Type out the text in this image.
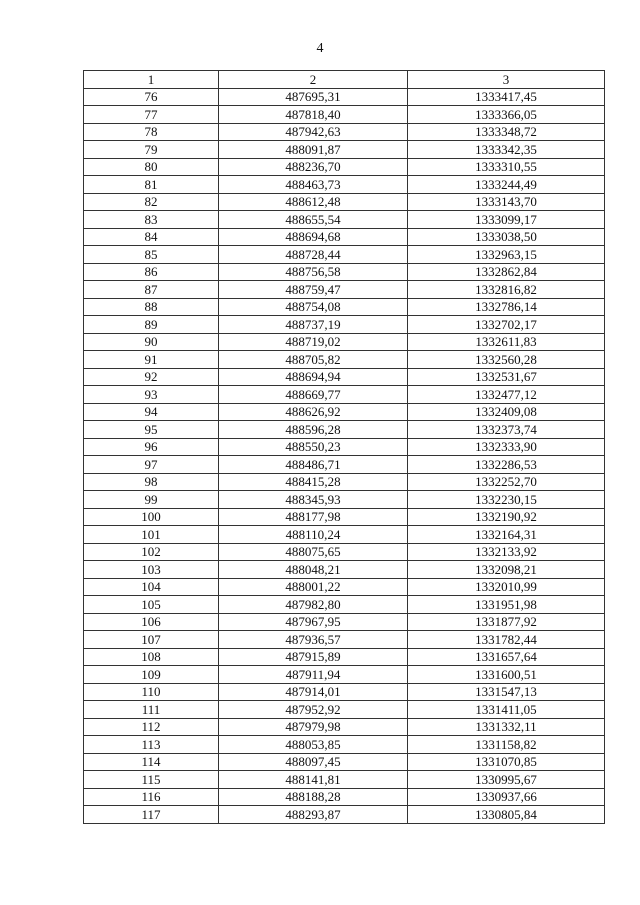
4
1	2	3
76	487695,31	1333417,45
77	487818,40	1333366,05
78	487942,63	1333348,72
79	488091,87	1333342,35
80	488236,70	1333310,55
81	488463,73	1333244,49
82	488612,48	1333143,70
83	488655,54	1333099,17
84	488694,68	1333038,50
85	488728,44	1332963,15
86	488756,58	1332862,84
87	488759,47	1332816,82
88	488754,08	1332786,14
89	488737,19	1332702,17
90	488719,02	1332611,83
91	488705,82	1332560,28
92	488694,94	1332531,67
93	488669,77	1332477,12
94	488626,92	1332409,08
95	488596,28	1332373,74
96	488550,23	1332333,90
97	488486,71	1332286,53
98	488415,28	1332252,70
99	488345,93	1332230,15
100	488177,98	1332190,92
101	488110,24	1332164,31
102	488075,65	1332133,92
103	488048,21	1332098,21
104	488001,22	1332010,99
105	487982,80	1331951,98
106	487967,95	1331877,92
107	487936,57	1331782,44
108	487915,89	1331657,64
109	487911,94	1331600,51
110	487914,01	1331547,13
111	487952,92	1331411,05
112	487979,98	1331332,11
113	488053,85	1331158,82
114	488097,45	1331070,85
115	488141,81	1330995,67
116	488188,28	1330937,66
117	488293,87	1330805,84
